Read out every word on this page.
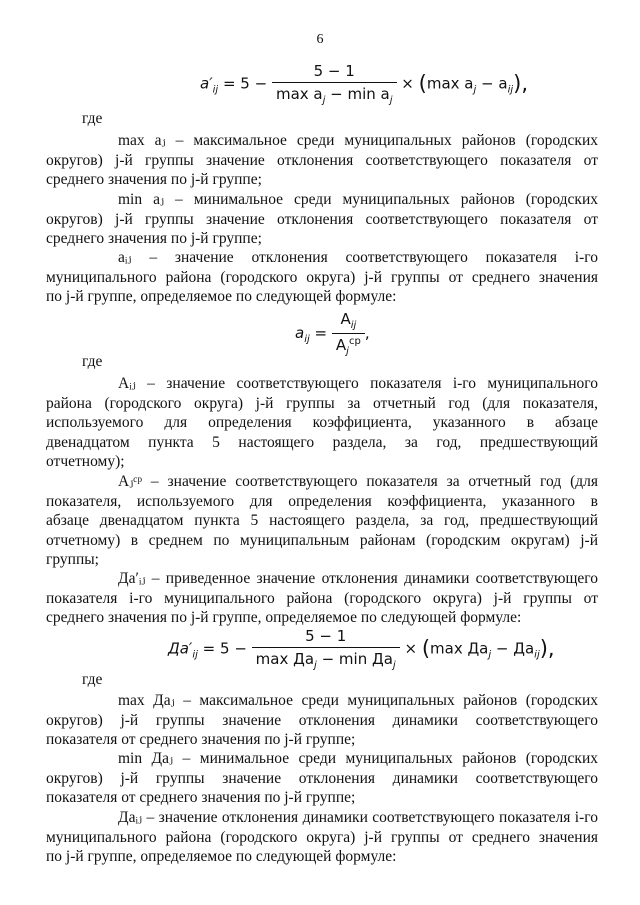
6
$a'_{ij} = 5 - \frac{5 - 1}{\max a_j - \min a_j} \times (\max$ $a_j - a_{ij}$),
где
max aⱼ – максимальное среди муниципальных районов (городских
округов) j-й группы значение отклонения соответствующего показателя от
среднего значения по j-й группе;
min aⱼ – минимальное среди муниципальных районов (городских
округов) j-й группы значение отклонения соответствующего показателя от
среднего значения по j-й группе;
aᵢⱼ – значение отклонения соответствующего показателя i-го
муниципального района (городского округа) j-й группы от среднего значения
по j-й группе, определяемое по следующей формуле:
$a_{ij} = \frac{A_{ij}}{A_j^{ср}}$ ,
где
Aᵢⱼ – значение соответствующего показателя i-го муниципального
района (городского округа) j-й группы за отчетный год (для показателя,
используемого для определения коэффициента, указанного в абзаце
двенадцатом пункта 5 настоящего раздела, за год, предшествующий
отчетному);
Aⱼᶜᵖ – значение соответствующего показателя за отчетный год (для
показателя, используемого для определения коэффициента, указанного в
абзаце двенадцатом пункта 5 настоящего раздела, за год, предшествующий
отчетному) в среднем по муниципальным районам (городским округам) j-й
группы;
Дa′ᵢⱼ – приведенное значение отклонения динамики соответствующего
показателя i-го муниципального района (городского округа) j-й группы от
среднего значения по j-й группе, определяемое по следующей формуле:
$Дa'_{ij} = 5 - \frac{5 - 1}{\max Дa_j - \min Дa_j} \times (\max$ $Дa_j - Дa_{ij}$),
где
max Дaⱼ – максимальное среди муниципальных районов (городских
округов) j-й группы значение отклонения динамики соответствующего
показателя от среднего значения по j-й группе;
min Дaⱼ – минимальное среди муниципальных районов (городских
округов) j-й группы значение отклонения динамики соответствующего
показателя от среднего значения по j-й группе;
Дaᵢⱼ – значение отклонения динамики соответствующего показателя i-го
муниципального района (городского округа) j-й группы от среднего значения
по j-й группе, определяемое по следующей формуле:
